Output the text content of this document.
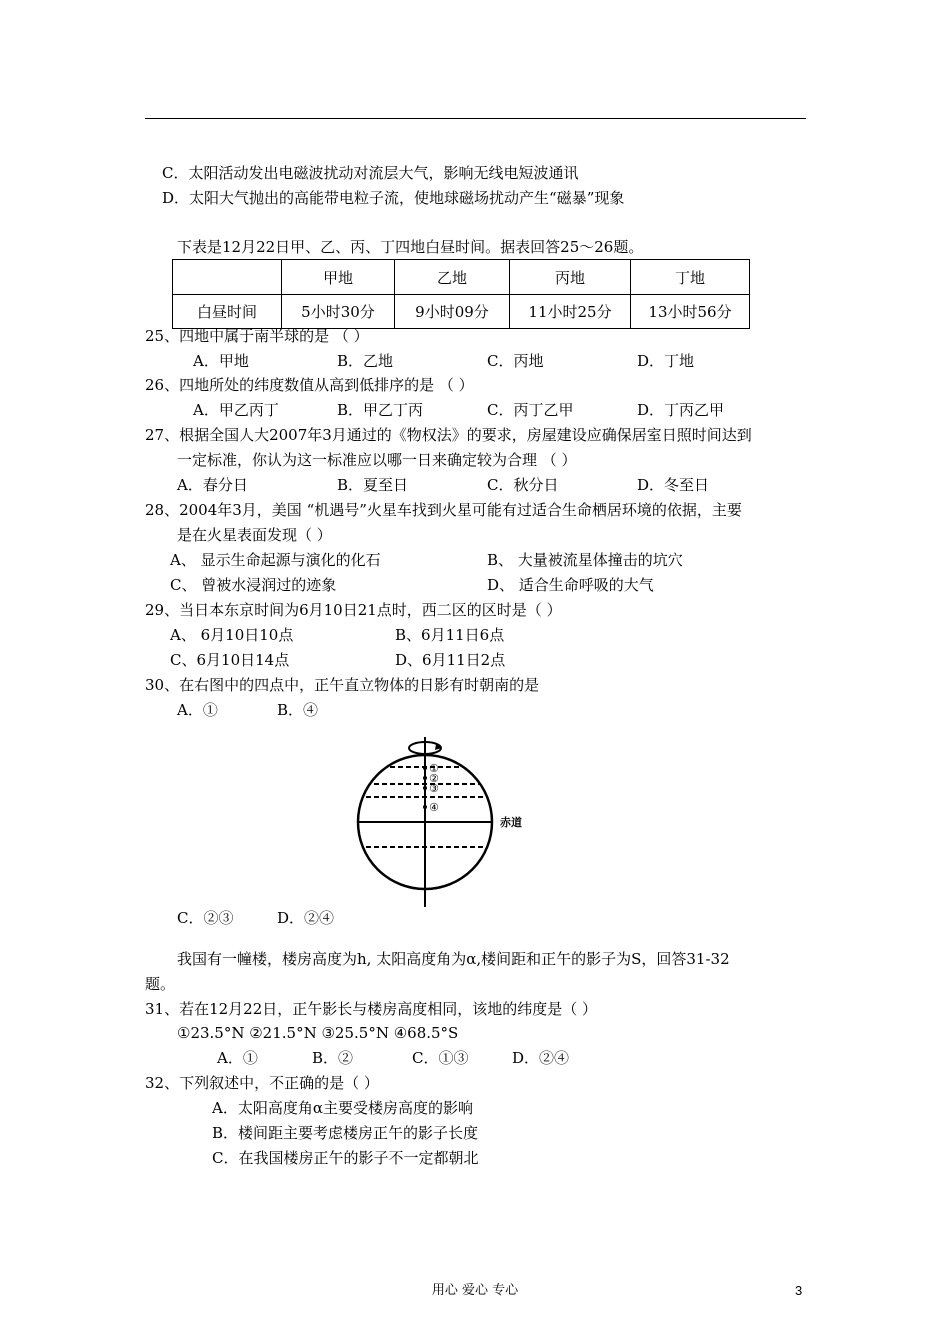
C．太阳活动发出电磁波扰动对流层大气，影响无线电短波通讯
D．太阳大气抛出的高能带电粒子流，使地球磁场扰动产生“磁暴”现象
下表是12月22日甲、乙、丙、丁四地白昼时间。据表回答25～26题。
	甲地	乙地	丙地	丁地
白昼时间	5小时30分	9小时09分	11小时25分	13小时56分
25、四地中属于南半球的是 （ ）
A．甲地	B．乙地	C．丙地	D．丁地
26、四地所处的纬度数值从高到低排序的是 （ ）
A．甲乙丙丁	B．甲乙丁丙	C．丙丁乙甲	D．丁丙乙甲
27、根据全国人大2007年3月通过的《物权法》的要求，房屋建设应确保居室日照时间达到
一定标准，你认为这一标准应以哪一日来确定较为合理 （ ）
A．春分日	B．夏至日	C．秋分日	D．冬至日
28、2004年3月，美国 “机遇号”火星车找到火星可能有过适合生命栖居环境的依据，主要
是在火星表面发现（ ）
A、 显示生命起源与演化的化石	B、 大量被流星体撞击的坑穴
C、 曾被水浸润过的迹象	D、 适合生命呼吸的大气
29、当日本东京时间为6月10日21点时，西二区的区时是（ ）
A、 6月10日10点	B、6月11日6点
C、6月10日14点	D、6月11日2点
30、在右图中的四点中，正午直立物体的日影有时朝南的是
A．①	B．④
①
②
③
④
赤道
C．②③	D．②④
我国有一幢楼，楼房高度为h, 太阳高度角为α,楼间距和正午的影子为S，回答31-32
题。
31、若在12月22日，正午影长与楼房高度相同，该地的纬度是（ ）
①23.5°N ②21.5°N ③25.5°N ④68.5°S
A．①	B．②	C．①③	D．②④
32、下列叙述中，不正确的是（ ）
A．太阳高度角α主要受楼房高度的影响
B．楼间距主要考虑楼房正午的影子长度
C．在我国楼房正午的影子不一定都朝北
用心 爱心 专心	3
